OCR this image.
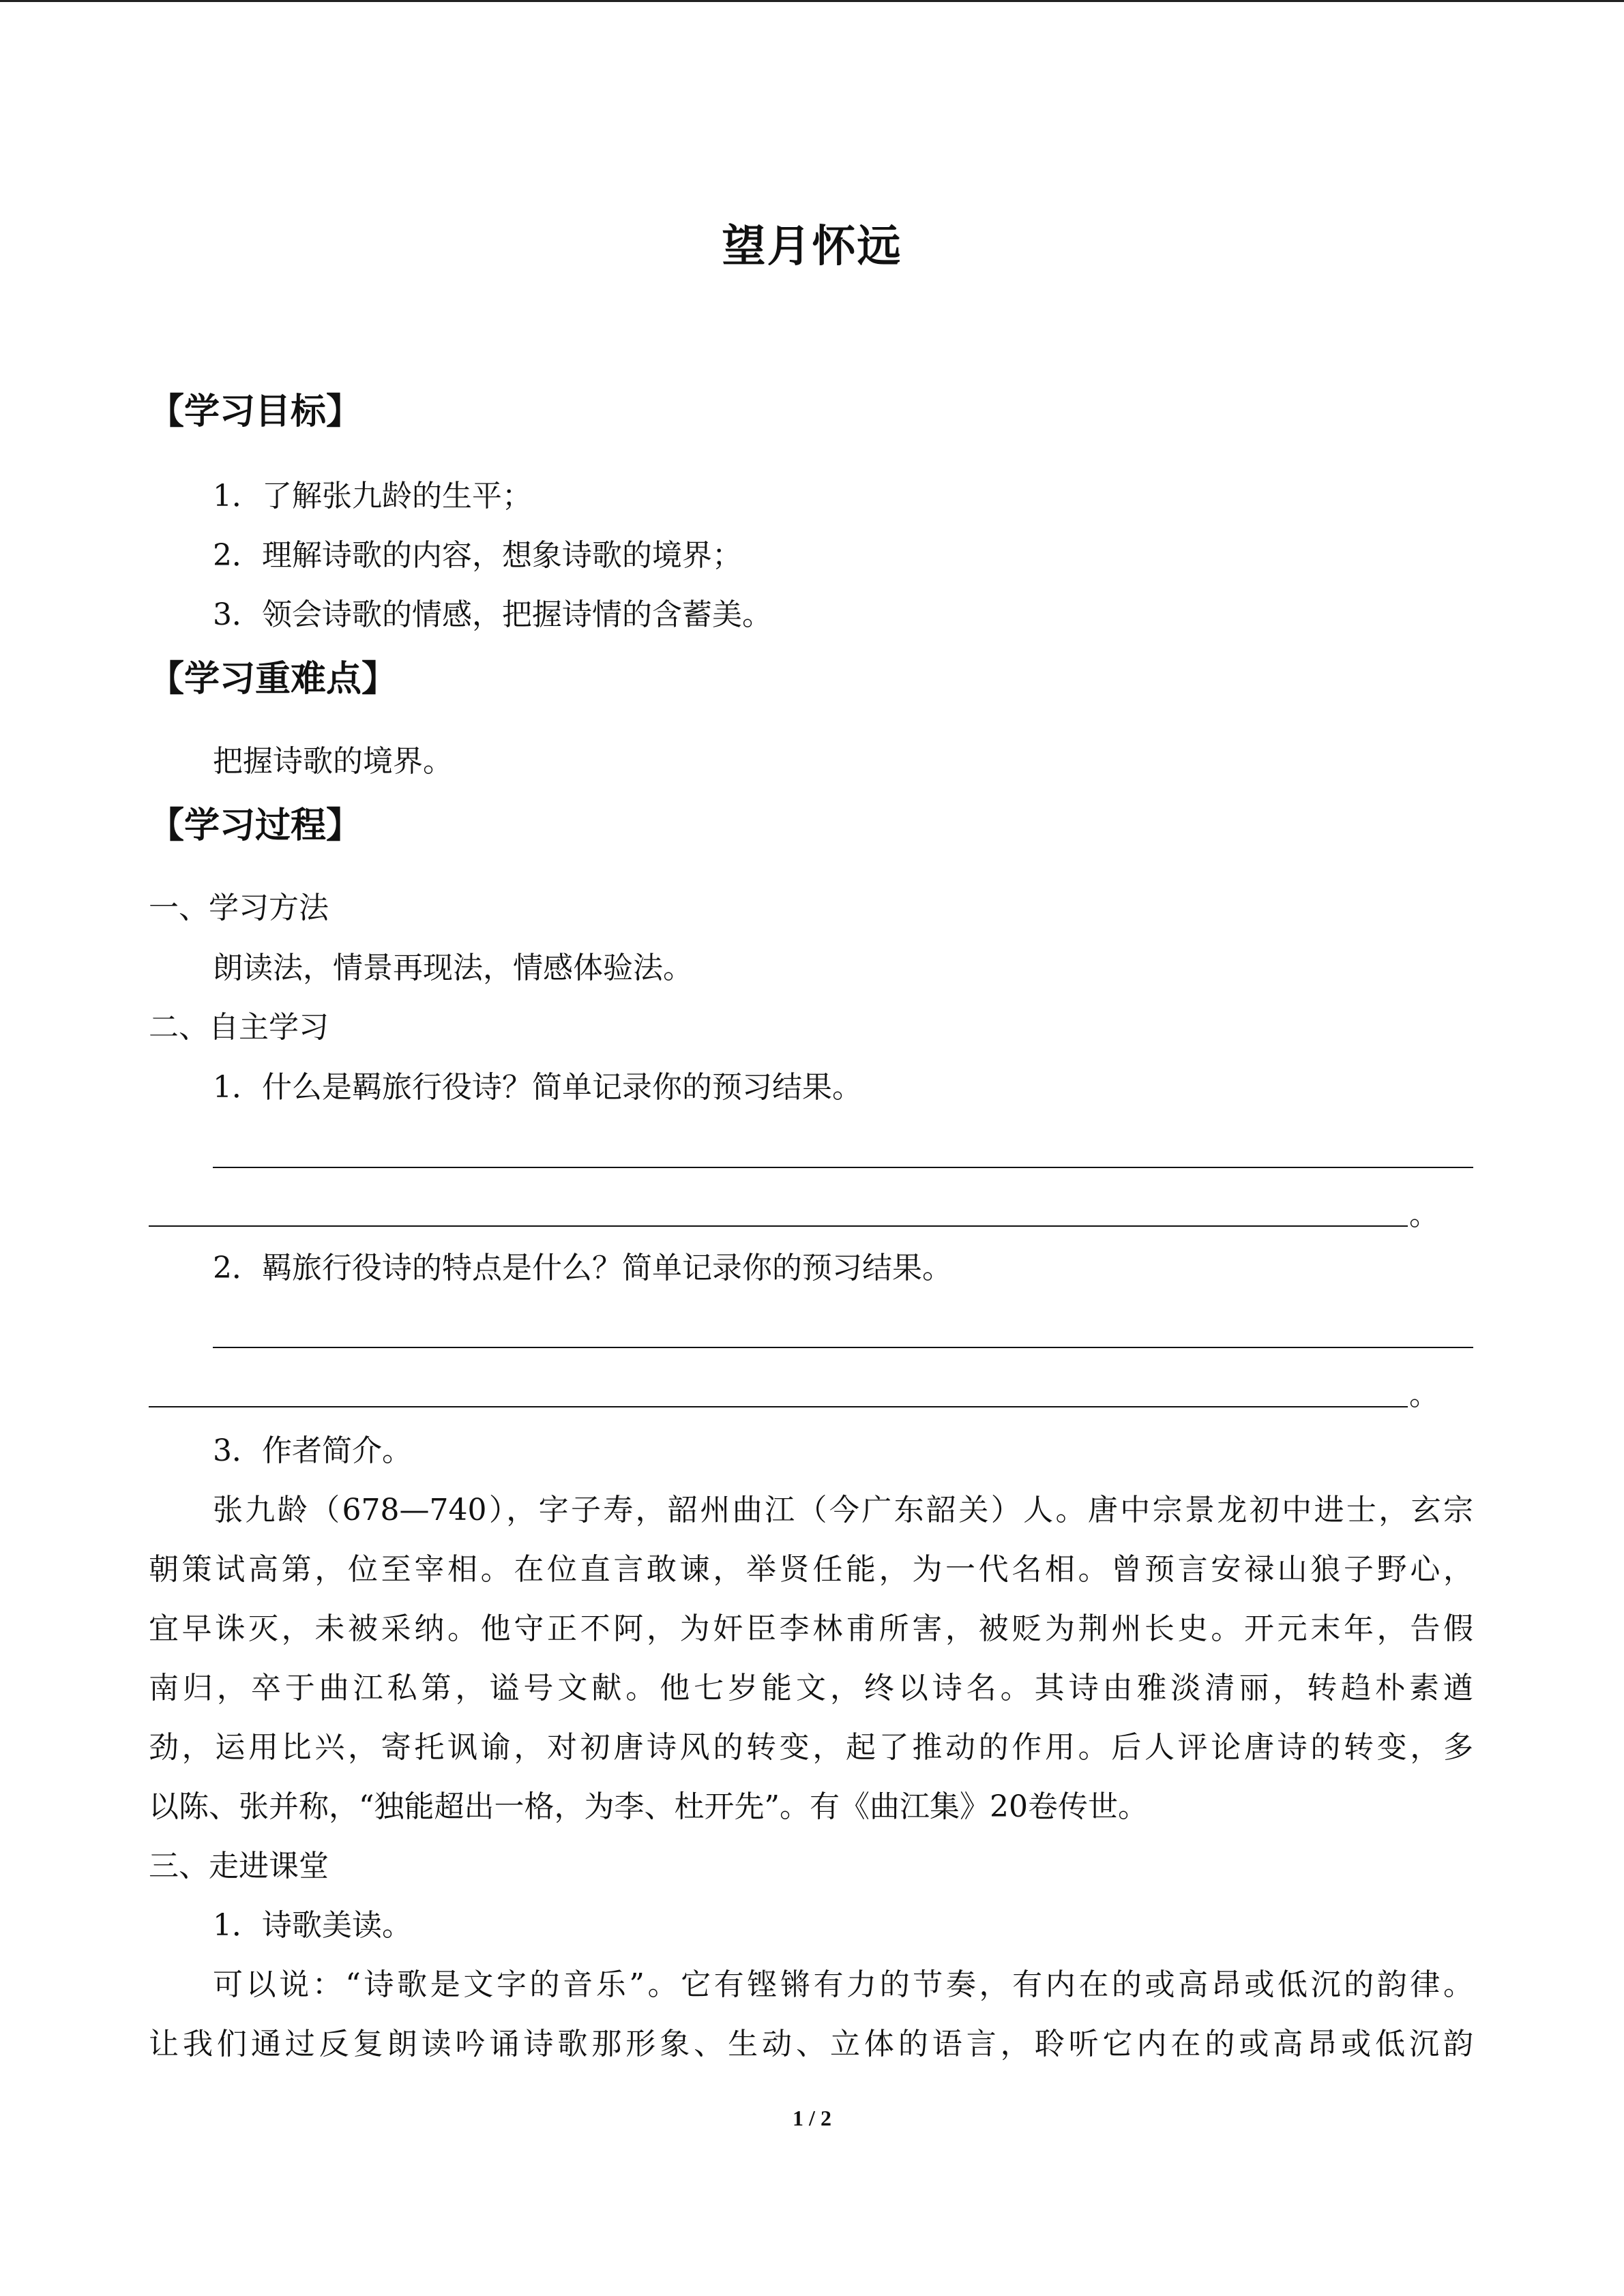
望月怀远
【学习目标】
1．了解张九龄的生平；
2．理解诗歌的内容，想象诗歌的境界；
3．领会诗歌的情感，把握诗情的含蓄美。
【学习重难点】
把握诗歌的境界。
【学习过程】
一、学习方法
朗读法，情景再现法，情感体验法。
二、自主学习
1．什么是羁旅行役诗？简单记录你的预习结果。
。
2．羁旅行役诗的特点是什么？简单记录你的预习结果。
。
3．作者简介。
张九龄（678—740），字子寿，韶州曲江（今广东韶关）人。唐中宗景龙初中进士，玄宗
朝策试高第，位至宰相。在位直言敢谏，举贤任能，为一代名相。曾预言安禄山狼子野心，
宜早诛灭，未被采纳。他守正不阿，为奸臣李林甫所害，被贬为荆州长史。开元末年，告假
南归，卒于曲江私第，谥号文献。他七岁能文，终以诗名。其诗由雅淡清丽，转趋朴素遒
劲，运用比兴，寄托讽谕，对初唐诗风的转变，起了推动的作用。后人评论唐诗的转变，多
以陈、张并称，“独能超出一格，为李、杜开先”。有《曲江集》20卷传世。
三、走进课堂
1．诗歌美读。
可以说：“诗歌是文字的音乐”。它有铿锵有力的节奏，有内在的或高昂或低沉的韵律。
让我们通过反复朗读吟诵诗歌那形象、生动、立体的语言，聆听它内在的或高昂或低沉韵
1 / 2
